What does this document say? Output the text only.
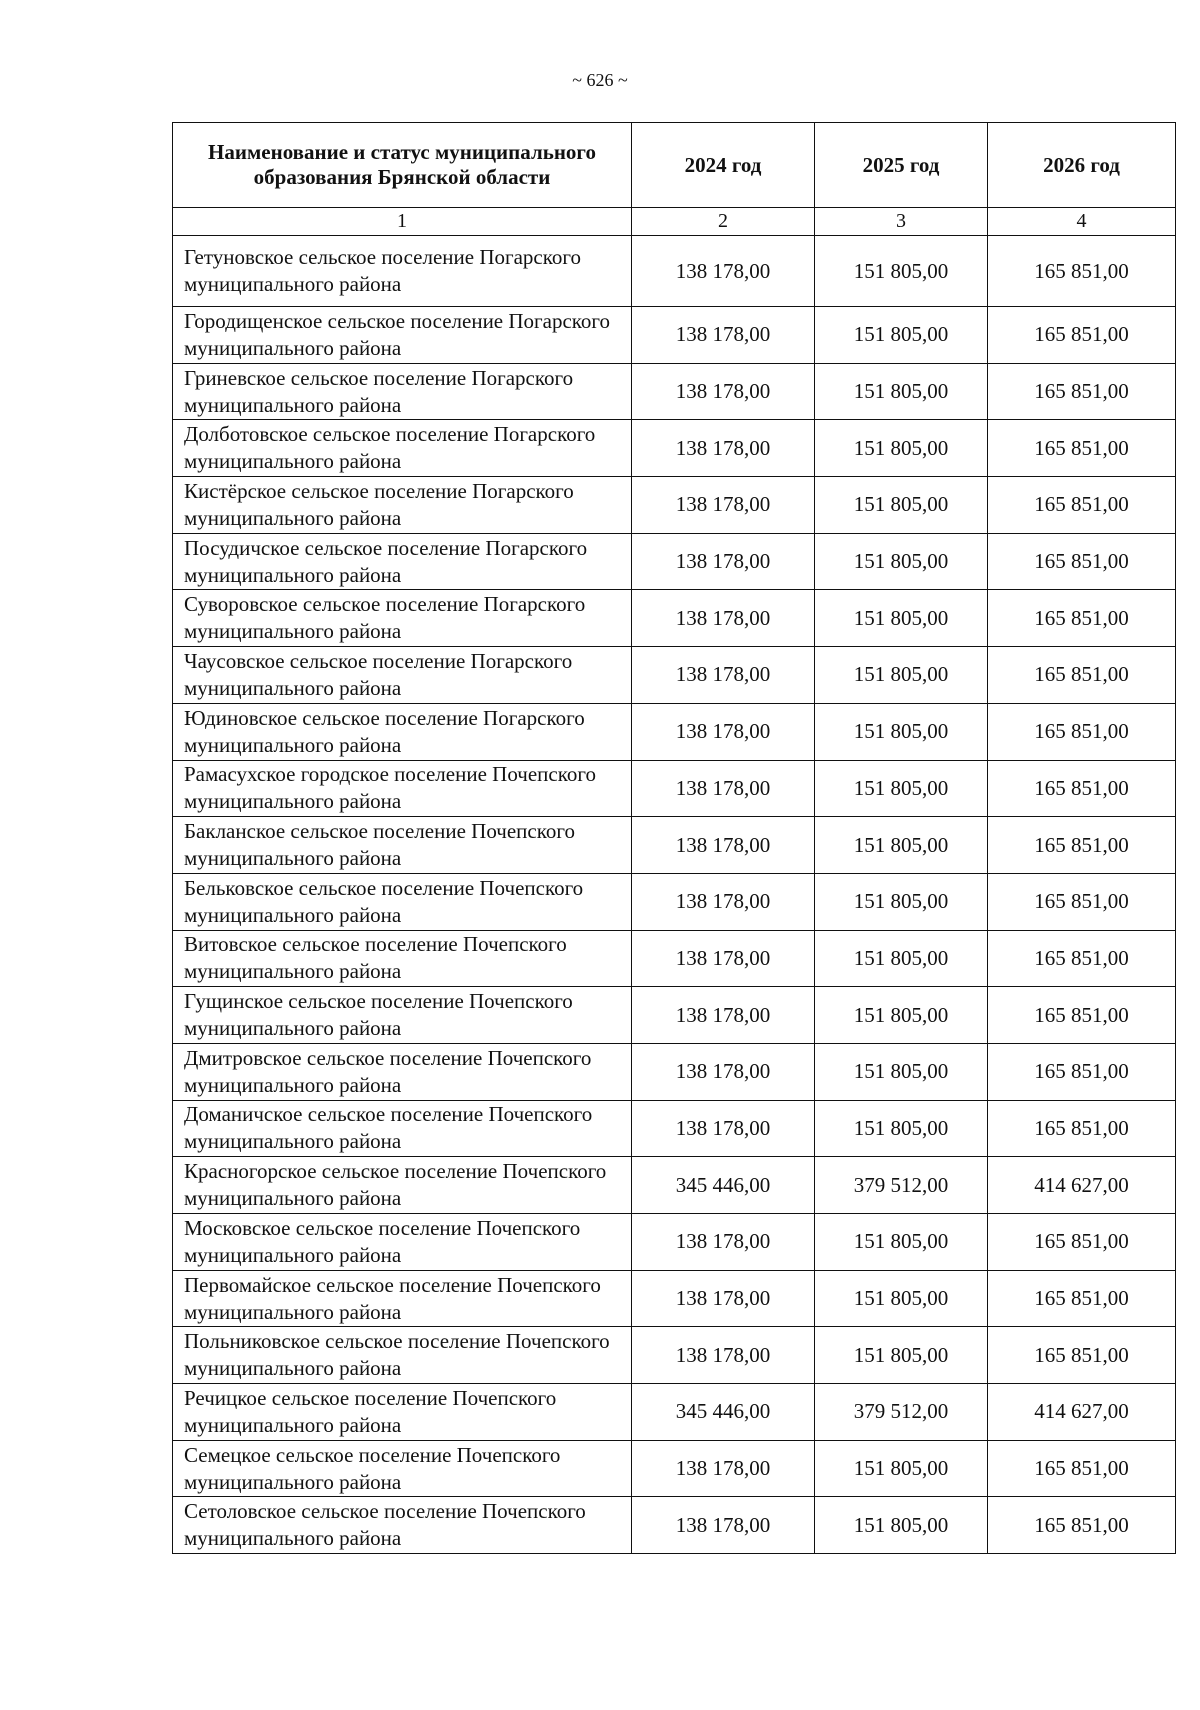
~ 626 ~
Наименование и статус муниципального образования Брянской области	2024 год	2025 год	2026 год
1	2	3	4
Гетуновское сельское поселение Погарского муниципального района	138 178,00	151 805,00	165 851,00
Городищенское сельское поселение Погарского муниципального района	138 178,00	151 805,00	165 851,00
Гриневское сельское поселение Погарского муниципального района	138 178,00	151 805,00	165 851,00
Долботовское сельское поселение Погарского муниципального района	138 178,00	151 805,00	165 851,00
Кистёрское сельское поселение Погарского муниципального района	138 178,00	151 805,00	165 851,00
Посудичское сельское поселение Погарского муниципального района	138 178,00	151 805,00	165 851,00
Суворовское сельское поселение Погарского муниципального района	138 178,00	151 805,00	165 851,00
Чаусовское сельское поселение Погарского муниципального района	138 178,00	151 805,00	165 851,00
Юдиновское сельское поселение Погарского муниципального района	138 178,00	151 805,00	165 851,00
Рамасухское городское поселение Почепского муниципального района	138 178,00	151 805,00	165 851,00
Бакланское сельское поселение Почепского муниципального района	138 178,00	151 805,00	165 851,00
Бельковское сельское поселение Почепского муниципального района	138 178,00	151 805,00	165 851,00
Витовское сельское поселение Почепского муниципального района	138 178,00	151 805,00	165 851,00
Гущинское сельское поселение Почепского муниципального района	138 178,00	151 805,00	165 851,00
Дмитровское сельское поселение Почепского муниципального района	138 178,00	151 805,00	165 851,00
Доманичское сельское поселение Почепского муниципального района	138 178,00	151 805,00	165 851,00
Красногорское сельское поселение Почепского муниципального района	345 446,00	379 512,00	414 627,00
Московское сельское поселение Почепского муниципального района	138 178,00	151 805,00	165 851,00
Первомайское сельское поселение Почепского муниципального района	138 178,00	151 805,00	165 851,00
Польниковское сельское поселение Почепского муниципального района	138 178,00	151 805,00	165 851,00
Речицкое сельское поселение Почепского муниципального района	345 446,00	379 512,00	414 627,00
Семецкое сельское поселение Почепского муниципального района	138 178,00	151 805,00	165 851,00
Сетоловское сельское поселение Почепского муниципального района	138 178,00	151 805,00	165 851,00
